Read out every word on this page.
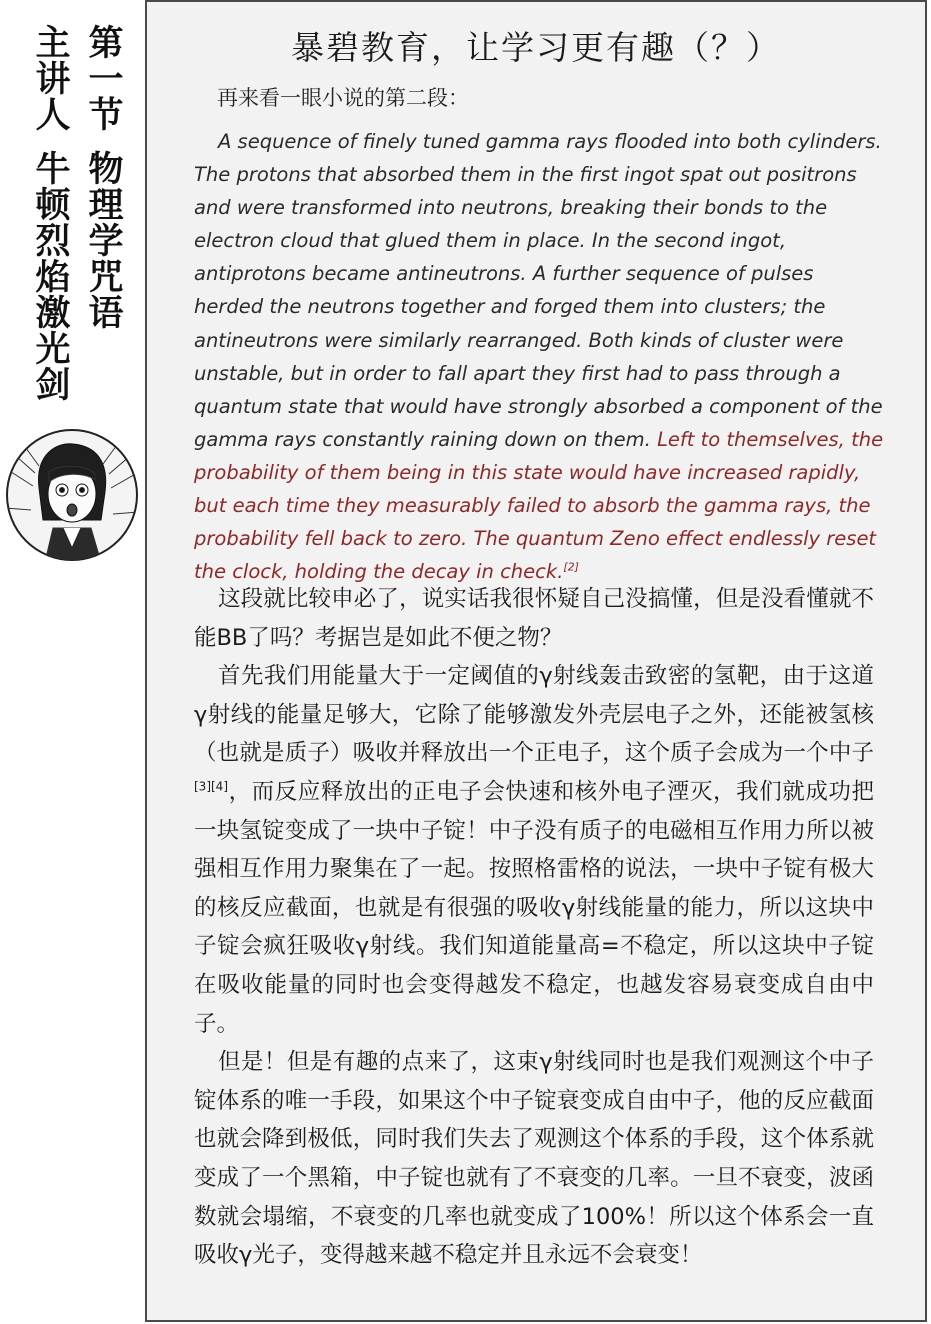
第一节物理学咒语
主讲人牛顿烈焰激光剑
暴碧教育，让学习更有趣（？）
再来看一眼小说的第二段：
A sequence of finely tuned gamma rays flooded into both cylinders. The protons that absorbed them in the first ingot spat out positrons and were transformed into neutrons, breaking their bonds to the electron cloud that glued them in place. In the second ingot, antiprotons became antineutrons. A further sequence of pulses herded the neutrons together and forged them into clusters; the antineutrons were similarly rearranged. Both kinds of cluster were unstable, but in order to fall apart they first had to pass through a quantum state that would have strongly absorbed a component of the gamma rays constantly raining down on them. Left to themselves, the probability of them being in this state would have increased rapidly, but each time they measurably failed to absorb the gamma rays, the probability fell back to zero. The quantum Zeno effect endlessly reset the clock, holding the decay in check.[2]

这段就比较申必了，说实话我很怀疑自己没搞懂，但是没看懂就不能BB了吗？考据岂是如此不便之物？

首先我们用能量大于一定阈值的γ射线轰击致密的氢靶，由于这道γ射线的能量足够大，它除了能够激发外壳层电子之外，还能被氢核（也就是质子）吸收并释放出一个正电子，这个质子会成为一个中子[3][4]，而反应释放出的正电子会快速和核外电子湮灭，我们就成功把一块氢锭变成了一块中子锭！中子没有质子的电磁相互作用力所以被强相互作用力聚集在了一起。按照格雷格的说法，一块中子锭有极大的核反应截面，也就是有很强的吸收γ射线能量的能力，所以这块中子锭会疯狂吸收γ射线。我们知道能量高=不稳定，所以这块中子锭在吸收能量的同时也会变得越发不稳定，也越发容易衰变成自由中子。

但是！但是有趣的点来了，这束γ射线同时也是我们观测这个中子锭体系的唯一手段，如果这个中子锭衰变成自由中子，他的反应截面也就会降到极低，同时我们失去了观测这个体系的手段，这个体系就变成了一个黑箱，中子锭也就有了不衰变的几率。一旦不衰变，波函数就会塌缩，不衰变的几率也就变成了100%！所以这个体系会一直吸收γ光子，变得越来越不稳定并且永远不会衰变！
